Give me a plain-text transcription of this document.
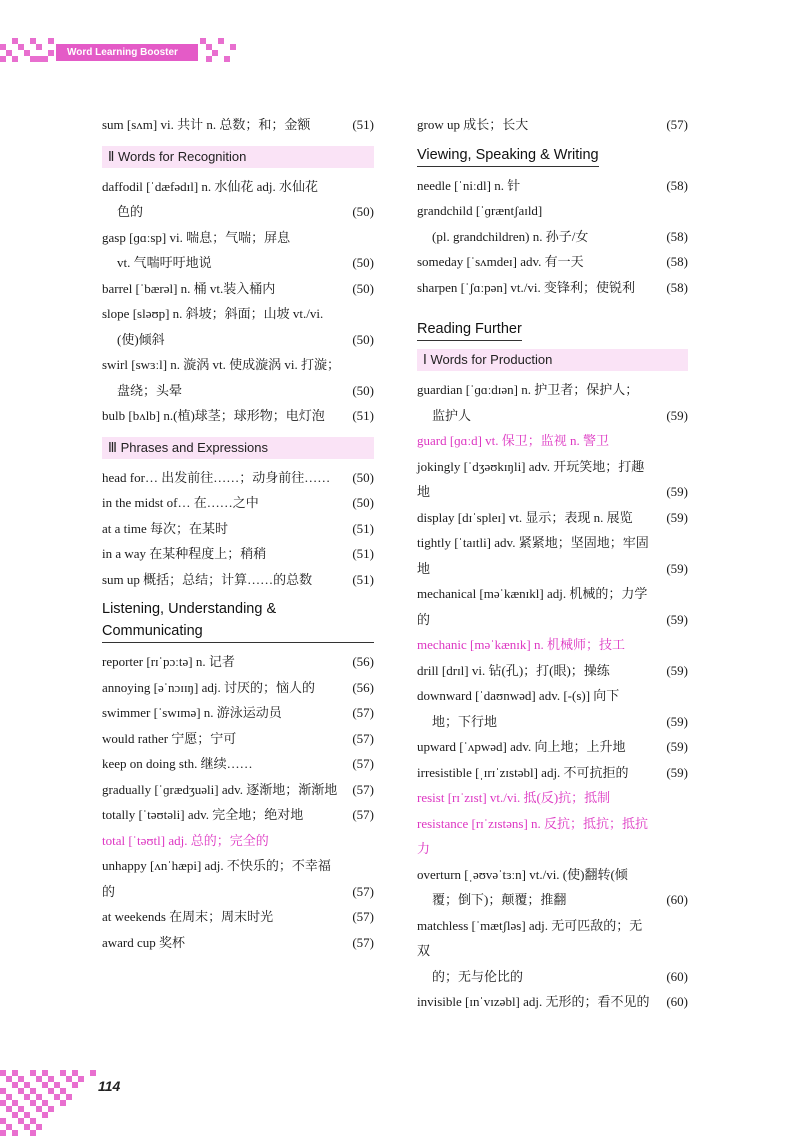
Word Learning Booster
sum [sʌm] vi. 共计 n. 总数；和；金额	(51)
Ⅱ Words for Recognition
daffodil [ˈdæfədɪl] n. 水仙花 adj. 水仙花
色的	(50)
gasp [ɡɑːsp] vi. 喘息；气喘；屏息
vt. 气喘吁吁地说	(50)
barrel [ˈbærəl] n. 桶 vt.装入桶内	(50)
slope [sləʊp] n. 斜坡；斜面；山坡 vt./vi.
(使)倾斜	(50)
swirl [swɜːl] n. 漩涡 vt. 使成漩涡 vi. 打漩；
盘绕；头晕	(50)
bulb [bʌlb] n.(植)球茎；球形物；电灯泡	(51)
Ⅲ Phrases and Expressions
head for… 出发前往……；动身前往……	(50)
in the midst of… 在……之中	(50)
at a time 每次；在某时	(51)
in a way 在某种程度上；稍稍	(51)
sum up 概括；总结；计算……的总数	(51)
Listening, Understanding & Communicating
reporter [rɪˈpɔːtə] n. 记者	(56)
annoying [əˈnɔɪɪŋ] adj. 讨厌的；恼人的	(56)
swimmer [ˈswɪmə] n. 游泳运动员	(57)
would rather 宁愿；宁可	(57)
keep on doing sth. 继续……	(57)
gradually [ˈɡrædʒuəli] adv. 逐渐地；渐渐地 (57)
totally [ˈtəʊtəli] adv. 完全地；绝对地	(57)
total [ˈtəʊtl] adj. 总的；完全的
unhappy [ʌnˈhæpi] adj. 不快乐的；不幸福的	(57)
at weekends 在周末；周末时光	(57)
award cup 奖杯	(57)
grow up 成长；长大	(57)
Viewing, Speaking & Writing
needle [ˈniːdl] n. 针	(58)
grandchild [ˈɡræntʃaɪld]
(pl. grandchildren) n. 孙子/女	(58)
someday [ˈsʌmdeɪ] adv. 有一天	(58)
sharpen [ˈʃɑːpən] vt./vi. 变锋利；使锐利	(58)
Reading Further
Ⅰ Words for Production
guardian [ˈɡɑːdɪən] n. 护卫者；保护人；
监护人	(59)
guard [ɡɑːd] vt. 保卫；监视 n. 警卫
jokingly [ˈdʒəʊkɪŋli] adv. 开玩笑地；打趣地	(59)
display [dɪˈspleɪ] vt. 显示；表现 n. 展览	(59)
tightly [ˈtaɪtli] adv. 紧紧地；坚固地；牢固地	(59)
mechanical [məˈkænɪkl] adj. 机械的；力学的	(59)
mechanic [məˈkænɪk] n. 机械师；技工
drill [drɪl] vi. 钻(孔)；打(眼)；操练	(59)
downward [ˈdaʊnwəd] adv. [-(s)] 向下
地；下行地	(59)
upward [ˈʌpwəd] adv. 向上地；上升地	(59)
irresistible [ˌɪrɪˈzɪstəbl] adj. 不可抗拒的	(59)
resist [rɪˈzɪst] vt./vi. 抵(反)抗；抵制
resistance [rɪˈzɪstəns] n. 反抗；抵抗；抵抗力
overturn [ˌəʊvəˈtɜːn] vt./vi. (使)翻转(倾
覆；倒下)；颠覆；推翻	(60)
matchless [ˈmætʃləs] adj. 无可匹敌的；无双
的；无与伦比的	(60)
invisible [ɪnˈvɪzəbl] adj. 无形的；看不见的	(60)
114
